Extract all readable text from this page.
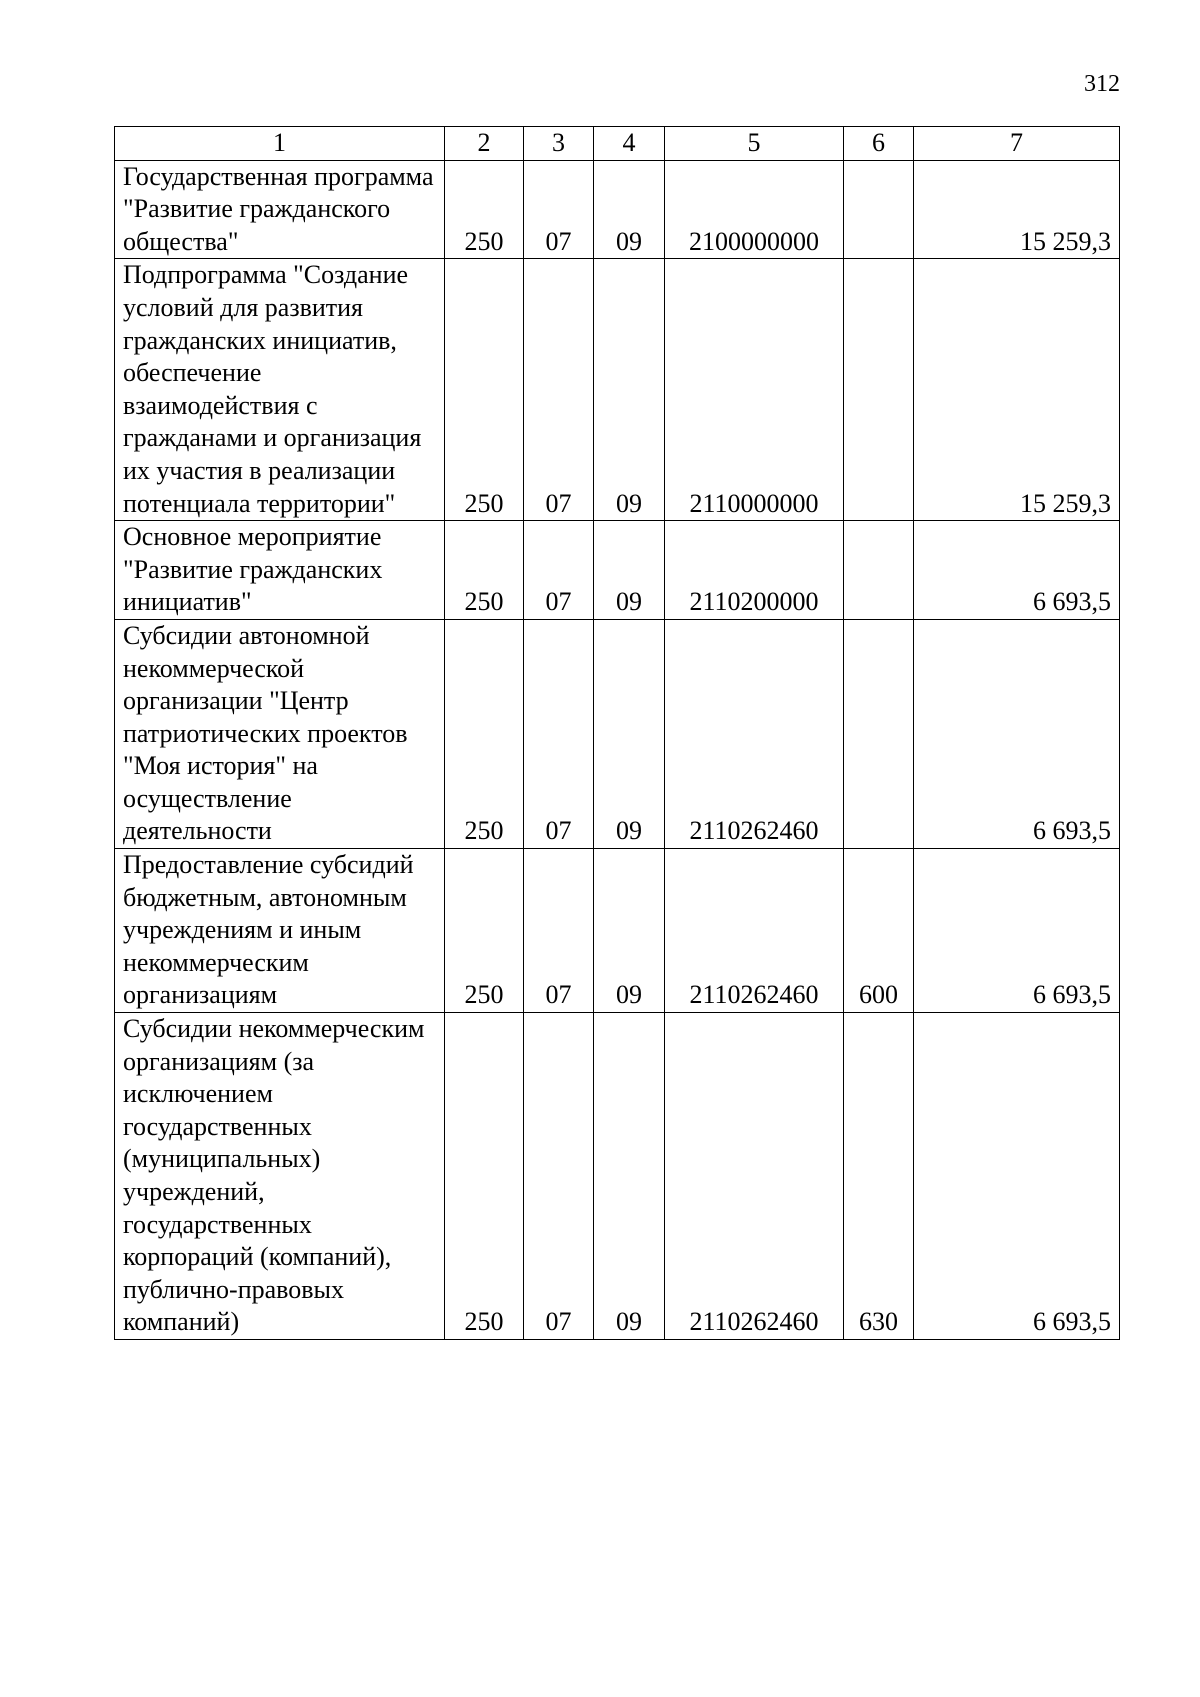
312
1	2	3	4	5	6	7
Государственная программа "Развитие гражданского общества"	250	07	09	2100000000		15 259,3
Подпрограмма "Создание условий для развития гражданских инициатив, обеспечение взаимодействия с гражданами и организация их участия в реализации потенциала территории"	250	07	09	2110000000		15 259,3
Основное мероприятие "Развитие гражданских инициатив"	250	07	09	2110200000		6 693,5
Субсидии автономной некоммерческой организации "Центр патриотических проектов "Моя история" на осуществление деятельности	250	07	09	2110262460		6 693,5
Предоставление субсидий бюджетным, автономным учреждениям и иным некоммерческим организациям	250	07	09	2110262460	600	6 693,5
Субсидии некоммерческим организациям (за исключением государственных (муниципальных) учреждений, государственных корпораций (компаний), публично-правовых компаний)	250	07	09	2110262460	630	6 693,5
